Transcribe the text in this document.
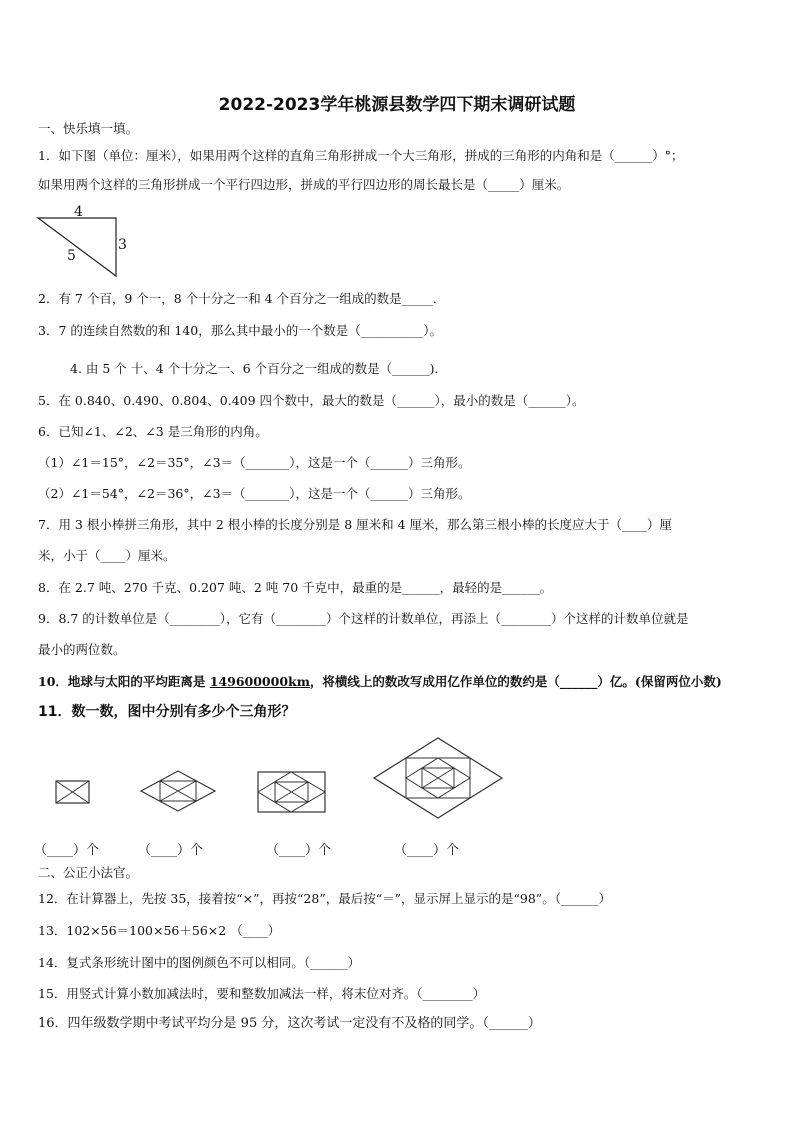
2022-2023学年桃源县数学四下期末调研试题
一、快乐填一填。
1．如下图（单位：厘米），如果用两个这样的直角三角形拼成一个大三角形，拼成的三角形的内角和是（______）°；
如果用两个这样的三角形拼成一个平行四边形，拼成的平行四边形的周长最长是（_____）厘米。
4
3
5
2．有 7 个百，9 个一，8 个十分之一和 4 个百分之一组成的数是_____．
3．7 的连续自然数的和 140，那么其中最小的一个数是（__________）。
4. 由 5 个 十、4 个十分之一、6 个百分之一组成的数是（______).
5．在 0.840、0.490、0.804、0.409 四个数中，最大的数是（______），最小的数是（______）。
6．已知∠1、∠2、∠3 是三角形的内角。
（1）∠1＝15°，∠2＝35°，∠3＝（_______），这是一个（______）三角形。
（2）∠1＝54°，∠2＝36°，∠3＝（_______），这是一个（______）三角形。
7．用 3 根小棒拼三角形，其中 2 根小棒的长度分别是 8 厘米和 4 厘米，那么第三根小棒的长度应大于（____）厘
米，小于（____）厘米。
8．在 2.7 吨、270 千克、0.207 吨、2 吨 70 千克中，最重的是______，最轻的是______。
9．8.7 的计数单位是（________），它有（________）个这样的计数单位，再添上（________）个这样的计数单位就是
最小的两位数。
10．地球与太阳的平均距离是 149600000km，将横线上的数改写成用亿作单位的数约是（______）亿。(保留两位小数)
11．数一数，图中分别有多少个三角形？
（____）个	（____）个	（____）个	（____）个
二、公正小法官。
12．在计算器上，先按 35，接着按“×”，再按“28”，最后按“＝”，显示屏上显示的是“98”。（______）
13．102×56＝100×56＋56×2 （____）
14．复式条形统计图中的图例颜色不可以相同。（______）
15．用竖式计算小数加减法时，要和整数加减法一样，将末位对齐。（________）
16．四年级数学期中考试平均分是 95 分，这次考试一定没有不及格的同学。（______）
